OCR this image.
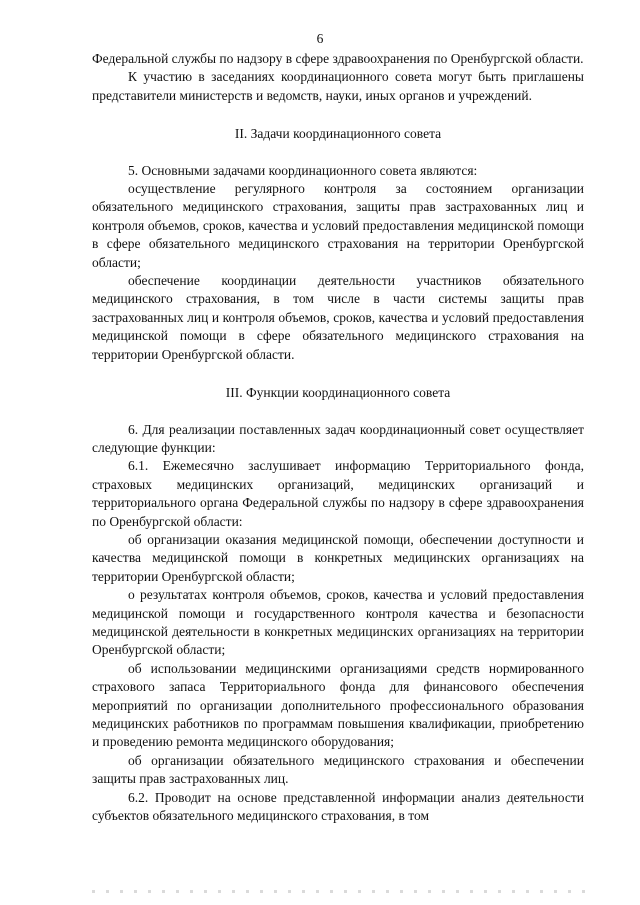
6

Федеральной службы по надзору в сфере здравоохранения по Оренбургской области.

К участию в заседаниях координационного совета могут быть приглашены представители министерств и ведомств, науки, иных органов и учреждений.

II. Задачи координационного совета

5. Основными задачами координационного совета являются:

осуществление регулярного контроля за состоянием организации обязательного медицинского страхования, защиты прав застрахованных лиц и контроля объемов, сроков, качества и условий предоставления медицинской помощи в сфере обязательного медицинского страхования на территории Оренбургской области;

обеспечение координации деятельности участников обязательного медицинского страхования, в том числе в части системы защиты прав застрахованных лиц и контроля объемов, сроков, качества и условий предоставления медицинской помощи в сфере обязательного медицинского страхования на территории Оренбургской области.

III. Функции координационного совета

6. Для реализации поставленных задач координационный совет осуществляет следующие функции:

6.1. Ежемесячно заслушивает информацию Территориального фонда, страховых медицинских организаций, медицинских организаций и территориального органа Федеральной службы по надзору в сфере здравоохранения по Оренбургской области:

об организации оказания медицинской помощи, обеспечении доступности и качества медицинской помощи в конкретных медицинских организациях на территории Оренбургской области;

о результатах контроля объемов, сроков, качества и условий предоставления медицинской помощи и государственного контроля качества и безопасности медицинской деятельности в конкретных медицинских организациях на территории Оренбургской области;

об использовании медицинскими организациями средств нормированного страхового запаса Территориального фонда для финансового обеспечения мероприятий по организации дополнительного профессионального образования медицинских работников по программам повышения квалификации, приобретению и проведению ремонта медицинского оборудования;

об организации обязательного медицинского страхования и обеспечении защиты прав застрахованных лиц.

6.2. Проводит на основе представленной информации анализ деятельности субъектов обязательного медицинского страхования, в том
